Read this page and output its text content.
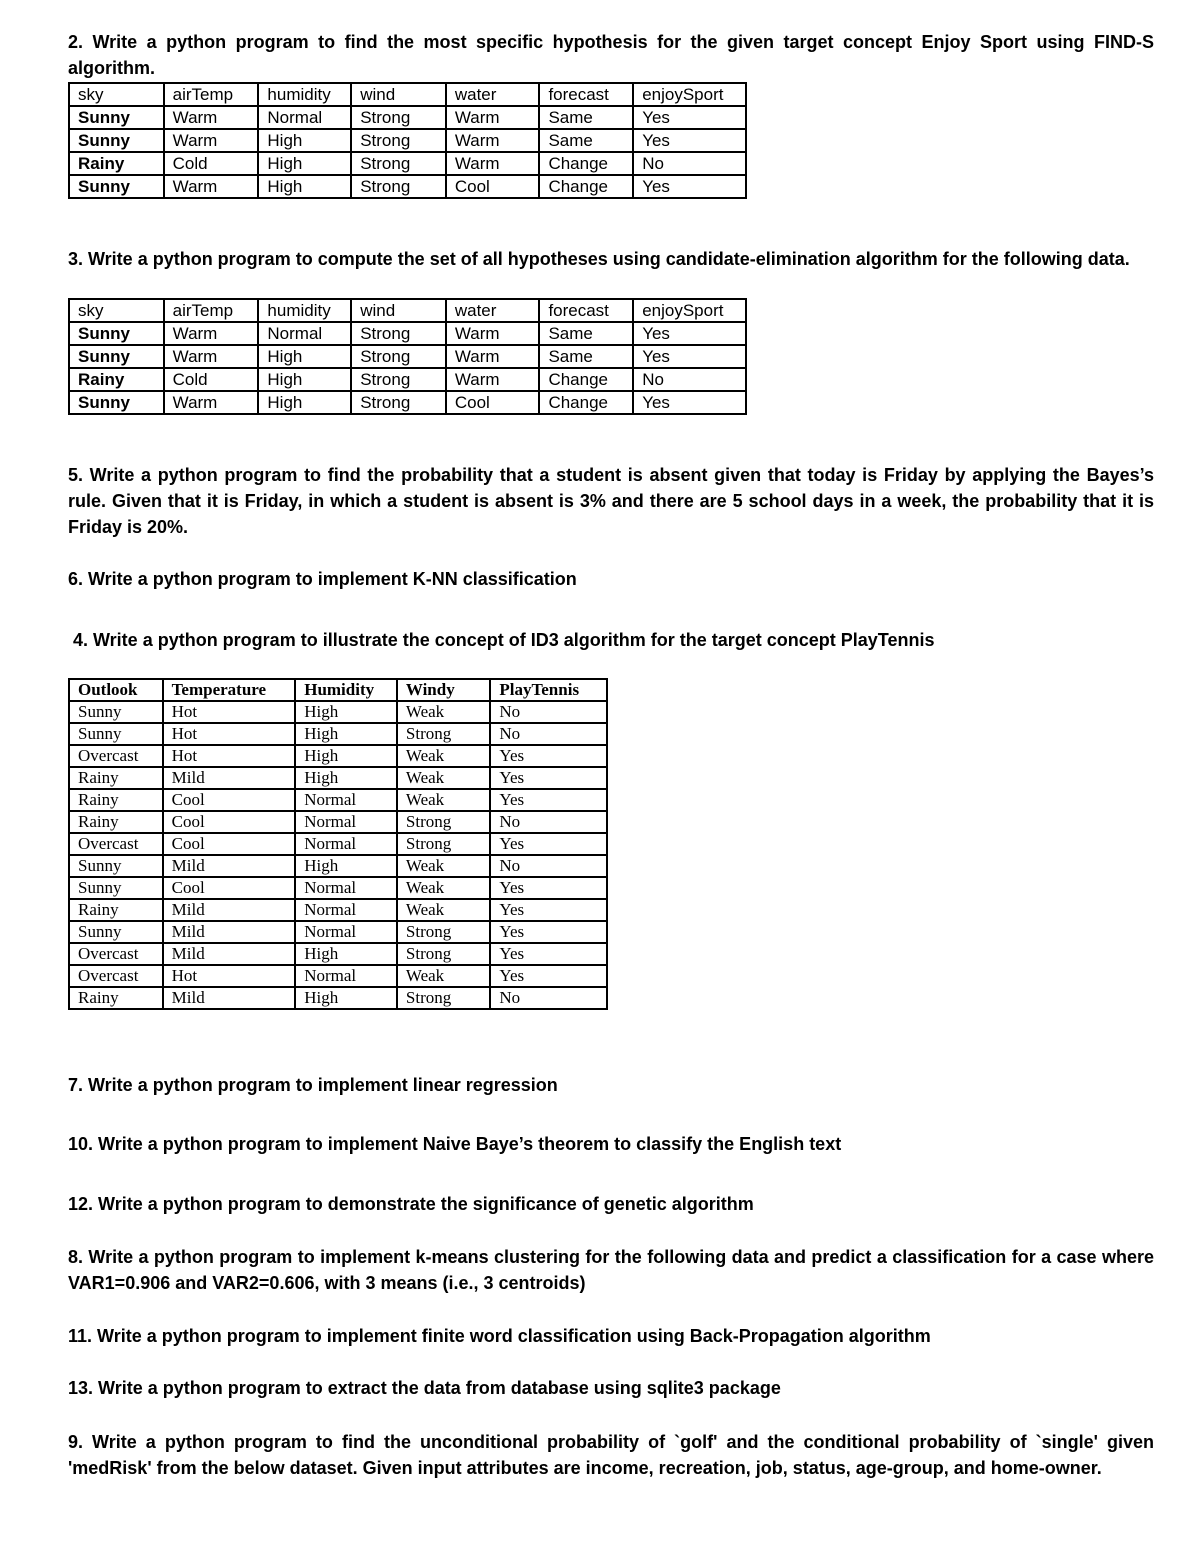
2. Write a python program to find the most specific hypothesis for the given target concept Enjoy Sport using FIND-S algorithm.

sky	airTemp	humidity	wind	water	forecast	enjoySport
Sunny	Warm	Normal	Strong	Warm	Same	Yes
Sunny	Warm	High	Strong	Warm	Same	Yes
Rainy	Cold	High	Strong	Warm	Change	No
Sunny	Warm	High	Strong	Cool	Change	Yes

3. Write a python program to compute the set of all hypotheses using candidate-elimination algorithm for the following data.

sky	airTemp	humidity	wind	water	forecast	enjoySport
Sunny	Warm	Normal	Strong	Warm	Same	Yes
Sunny	Warm	High	Strong	Warm	Same	Yes
Rainy	Cold	High	Strong	Warm	Change	No
Sunny	Warm	High	Strong	Cool	Change	Yes

5. Write a python program to find the probability that a student is absent given that today is Friday by applying the Bayes’s rule. Given that it is Friday, in which a student is absent is 3% and there are 5 school days in a week, the probability that it is Friday is 20%.

6. Write a python program to implement K-NN classification

4. Write a python program to illustrate the concept of ID3 algorithm for the target concept PlayTennis

Outlook	Temperature	Humidity	Windy	PlayTennis
Sunny	Hot	High	Weak	No
Sunny	Hot	High	Strong	No
Overcast	Hot	High	Weak	Yes
Rainy	Mild	High	Weak	Yes
Rainy	Cool	Normal	Weak	Yes
Rainy	Cool	Normal	Strong	No
Overcast	Cool	Normal	Strong	Yes
Sunny	Mild	High	Weak	No
Sunny	Cool	Normal	Weak	Yes
Rainy	Mild	Normal	Weak	Yes
Sunny	Mild	Normal	Strong	Yes
Overcast	Mild	High	Strong	Yes
Overcast	Hot	Normal	Weak	Yes
Rainy	Mild	High	Strong	No

7. Write a python program to implement linear regression

10. Write a python program to implement Naive Baye’s theorem to classify the English text

12. Write a python program to demonstrate the significance of genetic algorithm

8. Write a python program to implement k-means clustering for the following data and predict a classification for a case where VAR1=0.906 and VAR2=0.606, with 3 means (i.e., 3 centroids)

11. Write a python program to implement finite word classification using Back-Propagation algorithm

13. Write a python program to extract the data from database using sqlite3 package

9. Write a python program to find the unconditional probability of `golf' and the conditional probability of `single' given 'medRisk' from the below dataset. Given input attributes are income, recreation, job, status, age-group, and home-owner.
